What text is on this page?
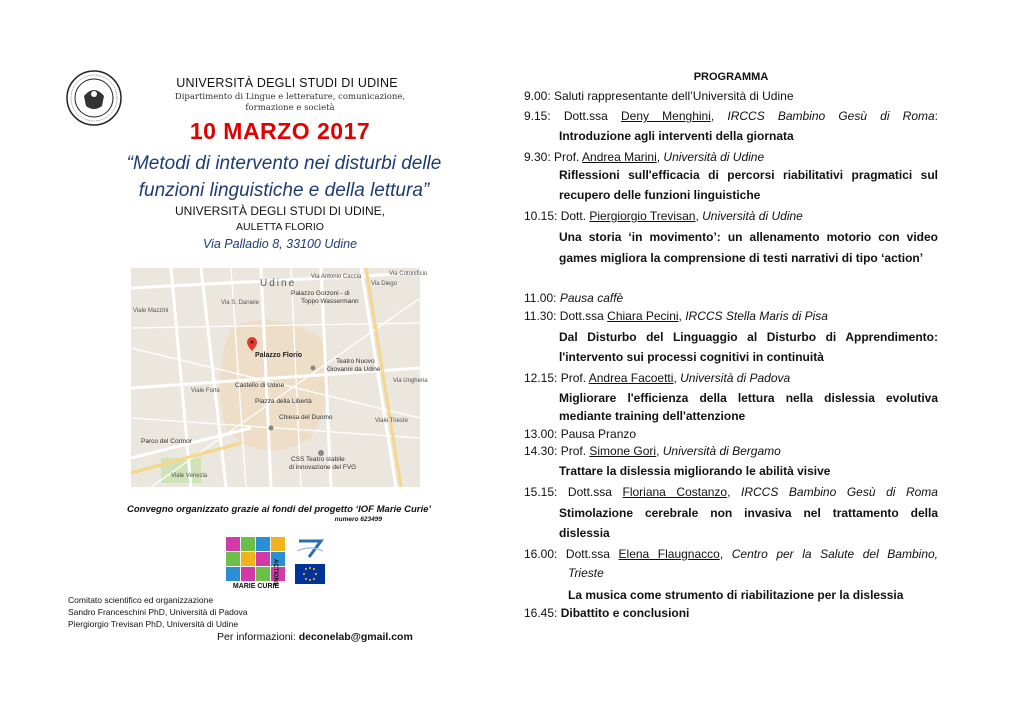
UNIVERSITÀ DEGLI STUDI DI UDINE
Dipartimento di Lingue e letterature, comunicazione,
formazione e società
10 MARZO 2017
“Metodi di intervento nei disturbi delle
funzioni linguistiche e della lettura”
UNIVERSITÀ DEGLI STUDI DI UDINE,
AULETTA FLORIO
Via Palladio 8, 33100 Udine
Udine
Palazzo Gorzoni - di
Toppo Wassermann
Palazzo Florio
Teatro Nuovo
Giovanni da Udine
Castello di Udine
Piazza della Libertà
Chiesa del Duomo
Parco del Cormor
CSS Teatro stabile
di innovazione del FVG
Via Cotonificio
Via Antonio Caccia
Via Diego
Viale Mazzini
Viale Venezia
Via Ungheria
Viale Trieste
Via S. Daniele
Viale Forte
Convegno organizzato grazie ai fondi del progetto ‘IOF Marie Curie’
numero 623499
MARIE CURIE
ACTIONS
Comitato scientifico ed organizzazione
Sandro Franceschini PhD, Università di Padova
Piergiorgio Trevisan PhD, Università di Udine
Per informazioni: deconelab@gmail.com
PROGRAMMA
9.00: Saluti rappresentante dell’Università di Udine
9.15: Dott.ssa Deny Menghini, IRCCS Bambino Gesù di Roma:
Introduzione agli interventi della giornata
9.30: Prof. Andrea Marini, Università di Udine
Riflessioni sull'efficacia di percorsi riabilitativi pragmatici sul recupero delle funzioni linguistiche
10.15: Dott. Piergiorgio Trevisan, Università di Udine
Una storia ‘in movimento’: un allenamento motorio con video games migliora la comprensione di testi narrativi di tipo ‘action’
11.00: Pausa caffè
11.30: Dott.ssa Chiara Pecini, IRCCS Stella Maris di Pisa
Dal Disturbo del Linguaggio al Disturbo di Apprendimento: l'intervento sui processi cognitivi in continuità
12.15: Prof. Andrea Facoetti, Università di Padova
Migliorare l'efficienza della lettura nella dislessia evolutiva mediante training dell'attenzione
13.00: Pausa Pranzo
14.30: Prof. Simone Gori, Università di Bergamo
Trattare la dislessia migliorando le abilità visive
15.15: Dott.ssa Floriana Costanzo, IRCCS Bambino Gesù di Roma
Stimolazione cerebrale non invasiva nel trattamento della dislessia
16.00: Dott.ssa Elena Flaugnacco, Centro per la Salute del Bambino,
Trieste
La musica come strumento di riabilitazione per la dislessia
16.45: Dibattito e conclusioni
